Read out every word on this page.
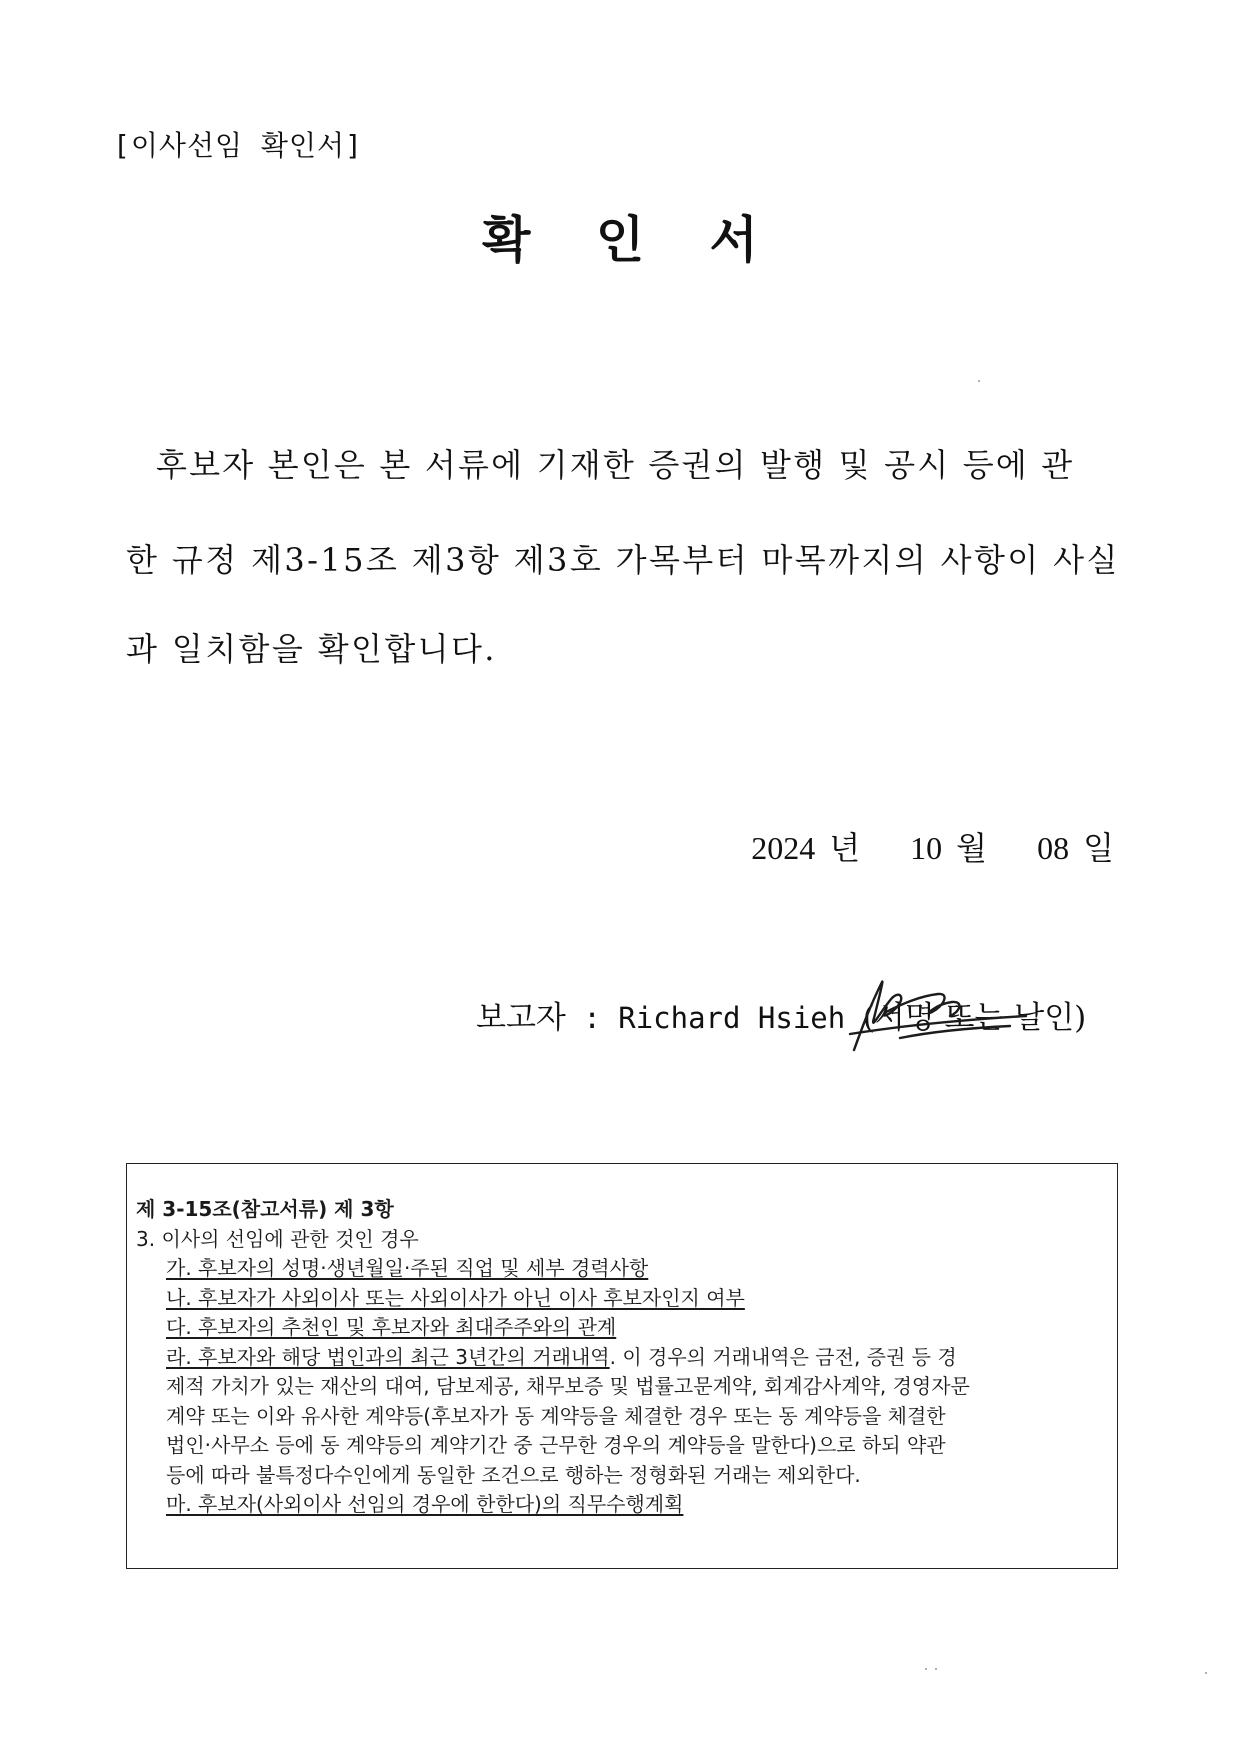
[이사선임 확인서]
확 인 서
후보자 본인은 본 서류에 기재한 증권의 발행 및 공시 등에 관
한 규정 제3-15조 제3항 제3호 가목부터 마목까지의 사항이 사실
과 일치함을 확인합니다.
2024 년 10 월 08 일
보고자 : Richard Hsieh (서명 또는 날인)
제 3-15조(참고서류) 제 3항
3. 이사의 선임에 관한 것인 경우
가. 후보자의 성명·생년월일·주된 직업 및 세부 경력사항
나. 후보자가 사외이사 또는 사외이사가 아닌 이사 후보자인지 여부
다. 후보자의 추천인 및 후보자와 최대주주와의 관계
라. 후보자와 해당 법인과의 최근 3년간의 거래내역. 이 경우의 거래내역은 금전, 증권 등 경
제적 가치가 있는 재산의 대여, 담보제공, 채무보증 및 법률고문계약, 회계감사계약, 경영자문
계약 또는 이와 유사한 계약등(후보자가 동 계약등을 체결한 경우 또는 동 계약등을 체결한
법인·사무소 등에 동 계약등의 계약기간 중 근무한 경우의 계약등을 말한다)으로 하되 약관
등에 따라 불특정다수인에게 동일한 조건으로 행하는 정형화된 거래는 제외한다.
마. 후보자(사외이사 선임의 경우에 한한다)의 직무수행계획
